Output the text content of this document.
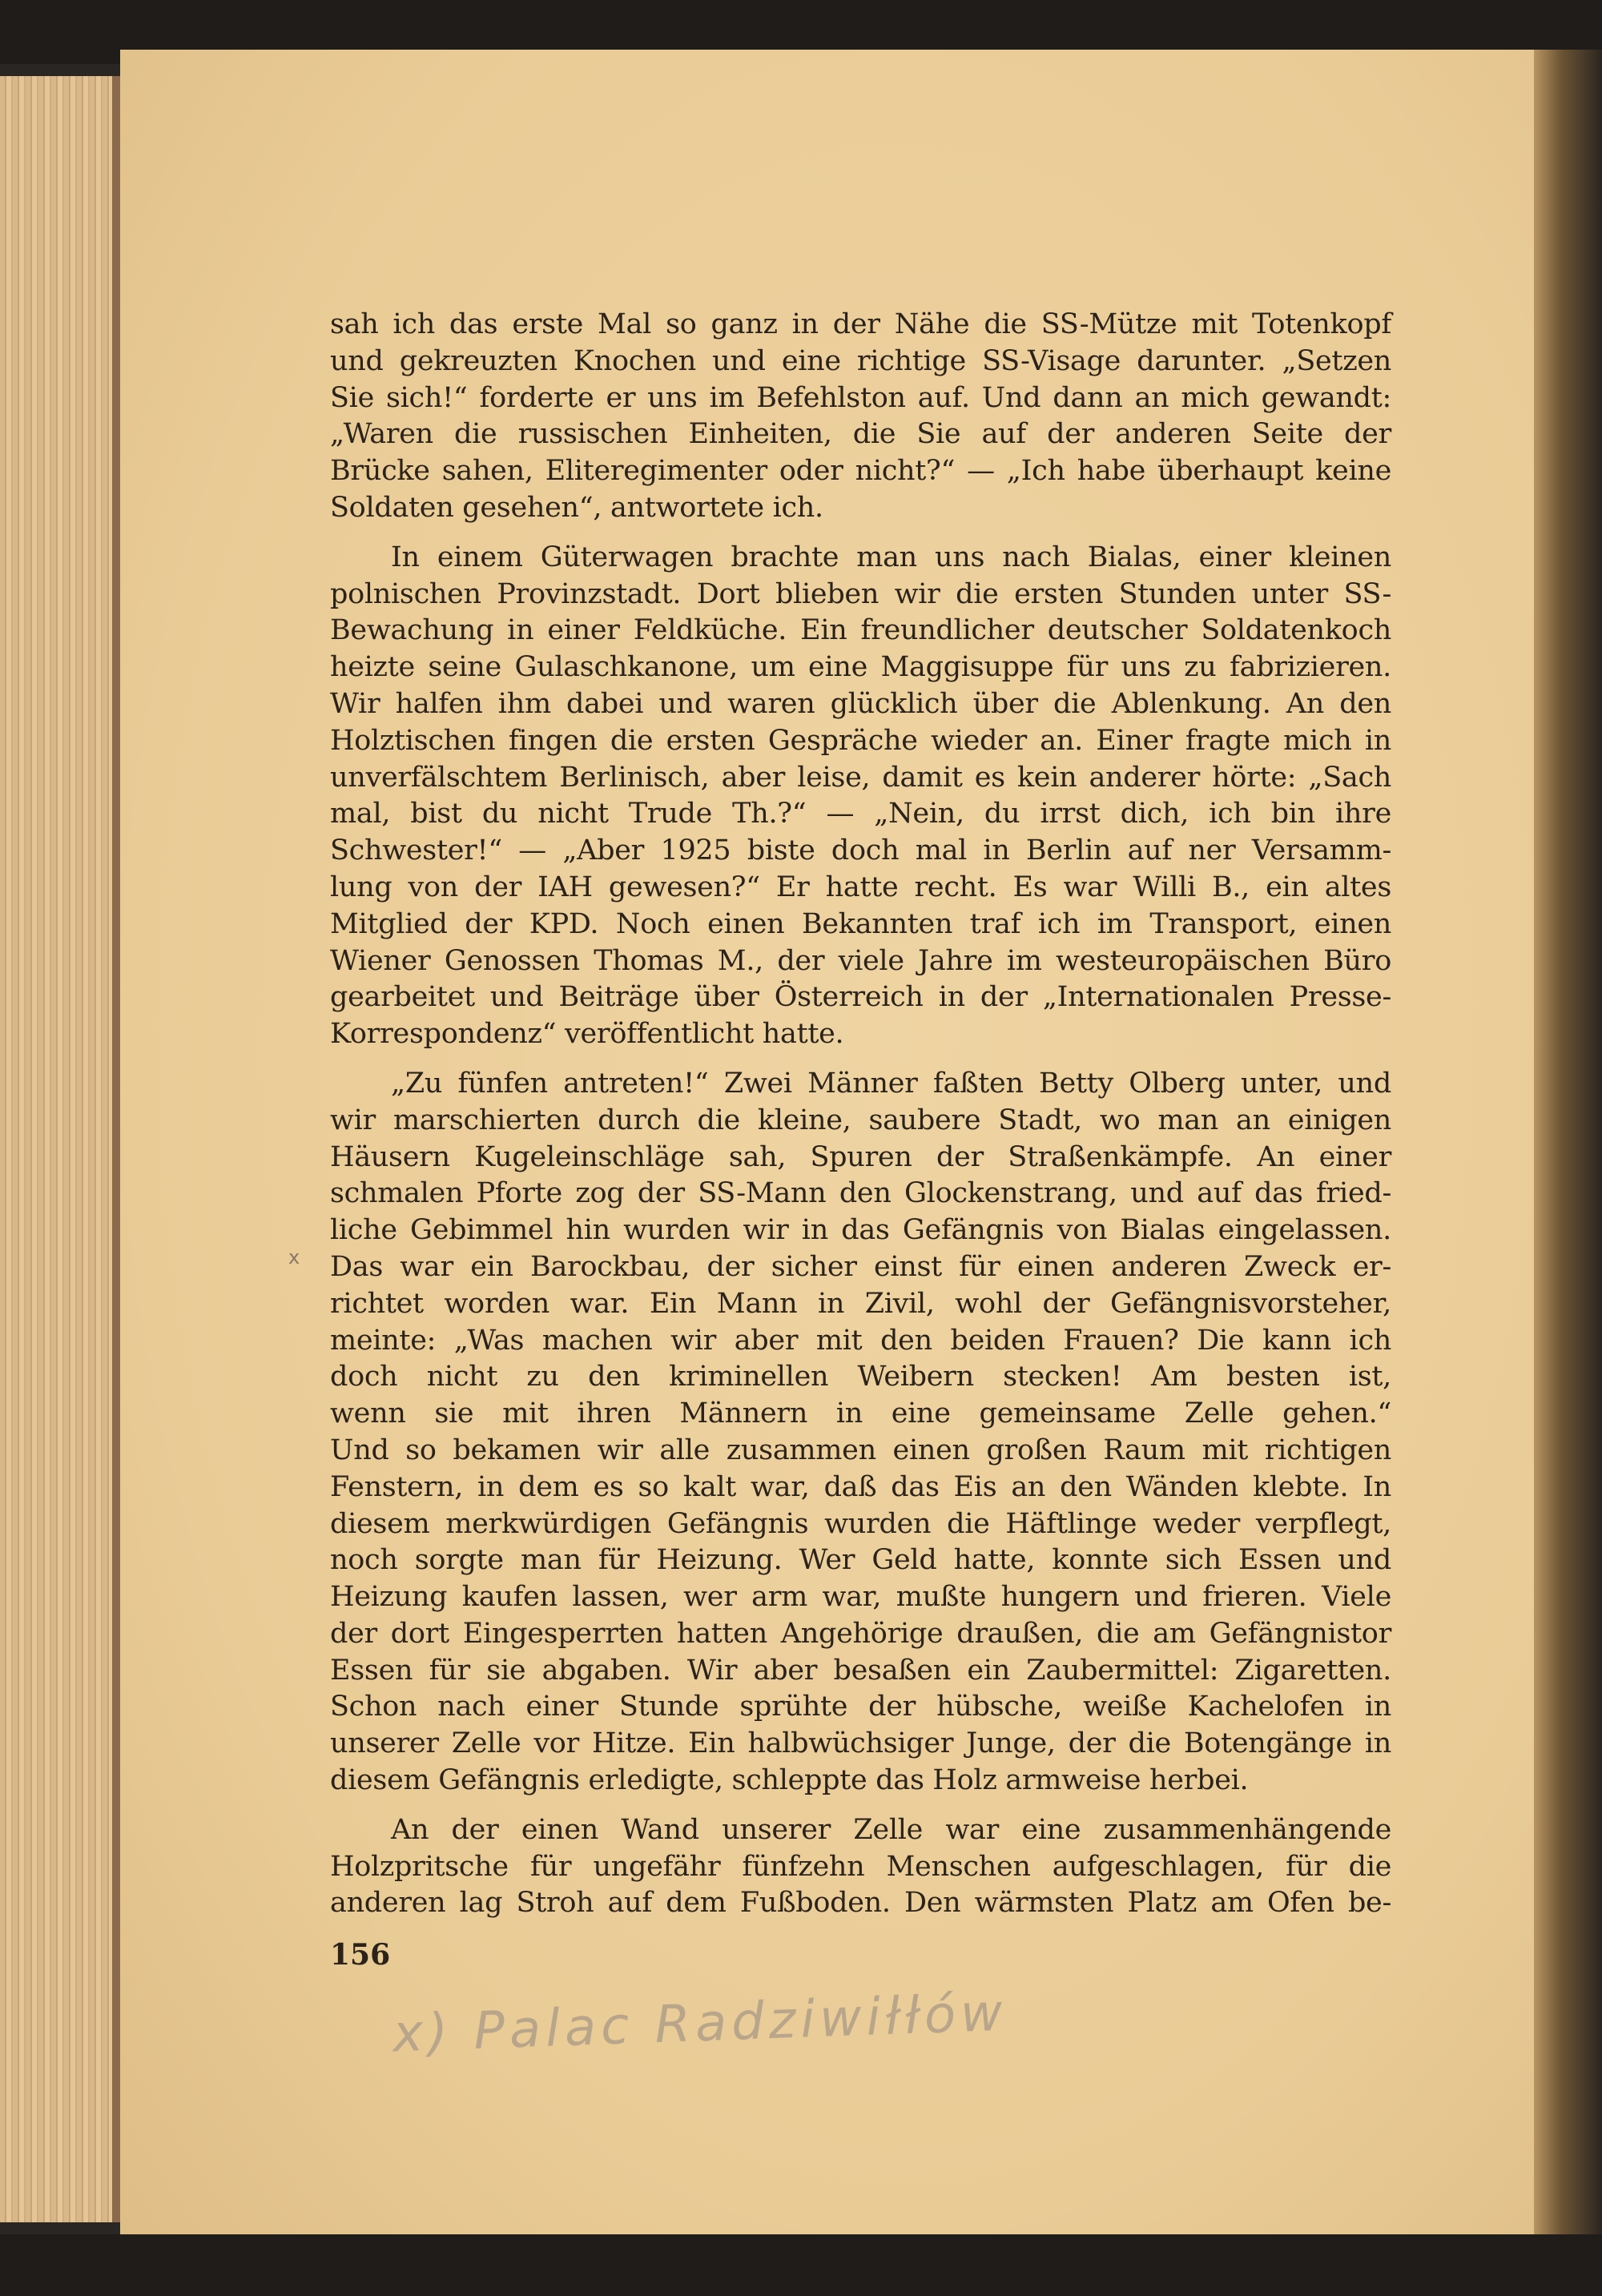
sah ich das erste Mal so ganz in der Nähe die SS-Mütze mit Totenkopf
und gekreuzten Knochen und eine richtige SS-Visage darunter. „Setzen
Sie sich!“ forderte er uns im Befehlston auf. Und dann an mich gewandt:
„Waren die russischen Einheiten, die Sie auf der anderen Seite der
Brücke sahen, Eliteregimenter oder nicht?“ — „Ich habe überhaupt keine
Soldaten gesehen“, antwortete ich.
In einem Güterwagen brachte man uns nach Bialas, einer kleinen
polnischen Provinzstadt. Dort blieben wir die ersten Stunden unter SS-
Bewachung in einer Feldküche. Ein freundlicher deutscher Soldatenkoch
heizte seine Gulaschkanone, um eine Maggisuppe für uns zu fabrizieren.
Wir halfen ihm dabei und waren glücklich über die Ablenkung. An den
Holztischen fingen die ersten Gespräche wieder an. Einer fragte mich in
unverfälschtem Berlinisch, aber leise, damit es kein anderer hörte: „Sach
mal, bist du nicht Trude Th.?“ — „Nein, du irrst dich, ich bin ihre
Schwester!“ — „Aber 1925 biste doch mal in Berlin auf ner Versamm-
lung von der IAH gewesen?“ Er hatte recht. Es war Willi B., ein altes
Mitglied der KPD. Noch einen Bekannten traf ich im Transport, einen
Wiener Genossen Thomas M., der viele Jahre im westeuropäischen Büro
gearbeitet und Beiträge über Österreich in der „Internationalen Presse-
Korrespondenz“ veröffentlicht hatte.
„Zu fünfen antreten!“ Zwei Männer faßten Betty Olberg unter, und
wir marschierten durch die kleine, saubere Stadt, wo man an einigen
Häusern Kugeleinschläge sah, Spuren der Straßenkämpfe. An einer
schmalen Pforte zog der SS-Mann den Glockenstrang, und auf das fried-
liche Gebimmel hin wurden wir in das Gefängnis von Bialas eingelassen.
Das war ein Barockbau, der sicher einst für einen anderen Zweck er-
richtet worden war. Ein Mann in Zivil, wohl der Gefängnisvorsteher,
meinte: „Was machen wir aber mit den beiden Frauen? Die kann ich
doch nicht zu den kriminellen Weibern stecken! Am besten ist,
wenn sie mit ihren Männern in eine gemeinsame Zelle gehen.“
Und so bekamen wir alle zusammen einen großen Raum mit richtigen
Fenstern, in dem es so kalt war, daß das Eis an den Wänden klebte. In
diesem merkwürdigen Gefängnis wurden die Häftlinge weder verpflegt,
noch sorgte man für Heizung. Wer Geld hatte, konnte sich Essen und
Heizung kaufen lassen, wer arm war, mußte hungern und frieren. Viele
der dort Eingesperrten hatten Angehörige draußen, die am Gefängnistor
Essen für sie abgaben. Wir aber besaßen ein Zaubermittel: Zigaretten.
Schon nach einer Stunde sprühte der hübsche, weiße Kachelofen in
unserer Zelle vor Hitze. Ein halbwüchsiger Junge, der die Botengänge in
diesem Gefängnis erledigte, schleppte das Holz armweise herbei.
An der einen Wand unserer Zelle war eine zusammenhängende
Holzpritsche für ungefähr fünfzehn Menschen aufgeschlagen, für die
anderen lag Stroh auf dem Fußboden. Den wärmsten Platz am Ofen be-
x
156
x) Palac Radziwiłłów
